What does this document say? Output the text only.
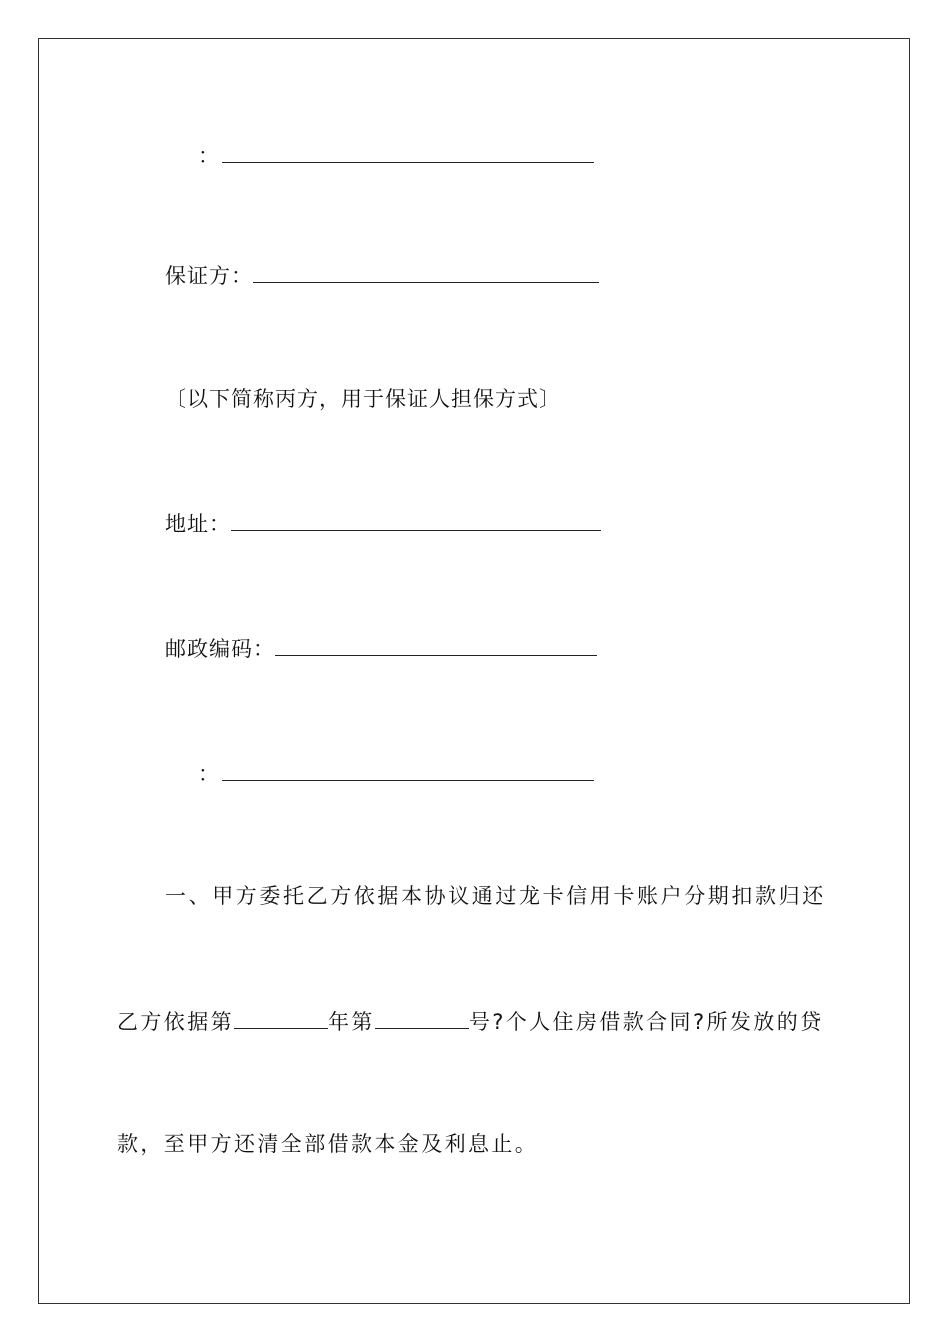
：
保证方：
〔以下简称丙方，用于保证人担保方式〕
地址：
邮政编码：
：
一、甲方委托乙方依据本协议通过龙卡信用卡账户分期扣款归还
乙方依据第	年第	号?个人住房借款合同?所发放的贷
款，至甲方还清全部借款本金及利息止。
